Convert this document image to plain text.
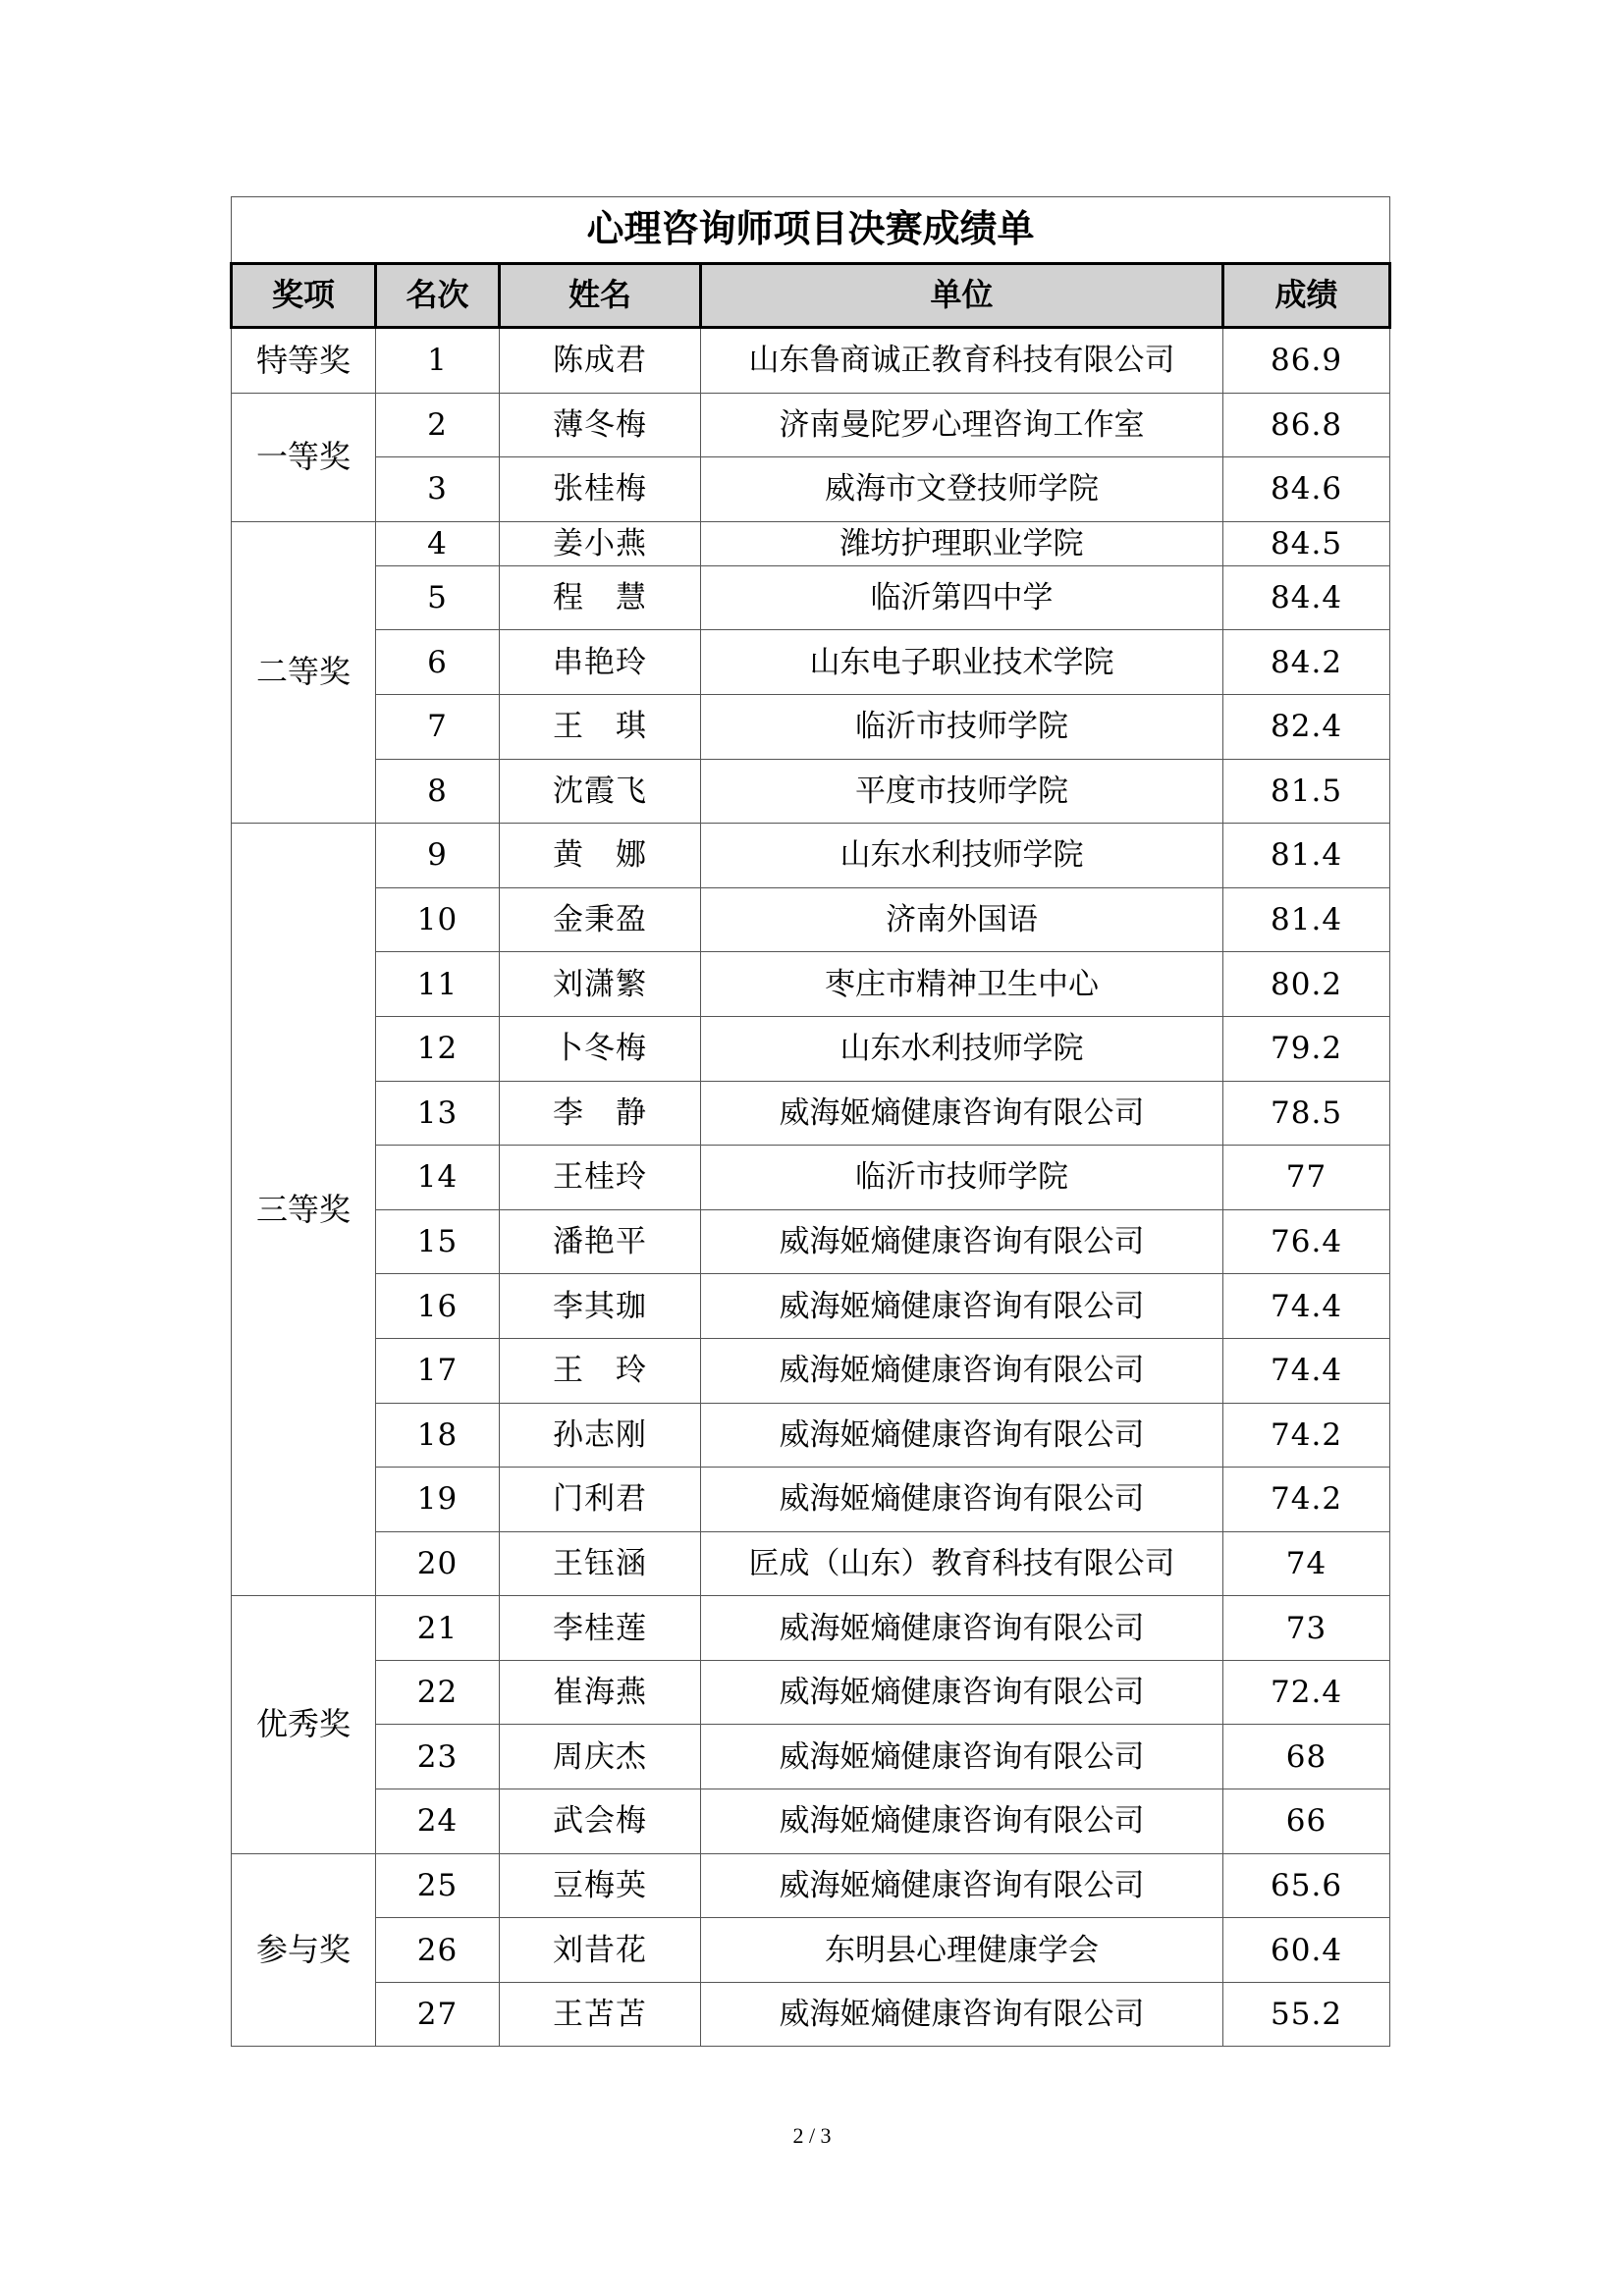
心理咨询师项目决赛成绩单				
奖项	名次	姓名	单位	成绩
特等奖	1	陈成君	山东鲁商诚正教育科技有限公司	86.9
一等奖	2	薄冬梅	济南曼陀罗心理咨询工作室	86.8
	3	张桂梅	威海市文登技师学院	84.6
二等奖	4	姜小燕	潍坊护理职业学院	84.5
	5	程　慧	临沂第四中学	84.4
	6	串艳玲	山东电子职业技术学院	84.2
	7	王　琪	临沂市技师学院	82.4
	8	沈霞飞	平度市技师学院	81.5
三等奖	9	黄　娜	山东水利技师学院	81.4
	10	金秉盈	济南外国语	81.4
	11	刘潇繁	枣庄市精神卫生中心	80.2
	12	卜冬梅	山东水利技师学院	79.2
	13	李　静	威海姬熵健康咨询有限公司	78.5
	14	王桂玲	临沂市技师学院	77
	15	潘艳平	威海姬熵健康咨询有限公司	76.4
	16	李其珈	威海姬熵健康咨询有限公司	74.4
	17	王　玲	威海姬熵健康咨询有限公司	74.4
	18	孙志刚	威海姬熵健康咨询有限公司	74.2
	19	门利君	威海姬熵健康咨询有限公司	74.2
	20	王钰涵	匠成（山东）教育科技有限公司	74
优秀奖	21	李桂莲	威海姬熵健康咨询有限公司	73
	22	崔海燕	威海姬熵健康咨询有限公司	72.4
	23	周庆杰	威海姬熵健康咨询有限公司	68
	24	武会梅	威海姬熵健康咨询有限公司	66
参与奖	25	豆梅英	威海姬熵健康咨询有限公司	65.6
	26	刘昔花	东明县心理健康学会	60.4
	27	王苫苫	威海姬熵健康咨询有限公司	55.2
2 / 3
